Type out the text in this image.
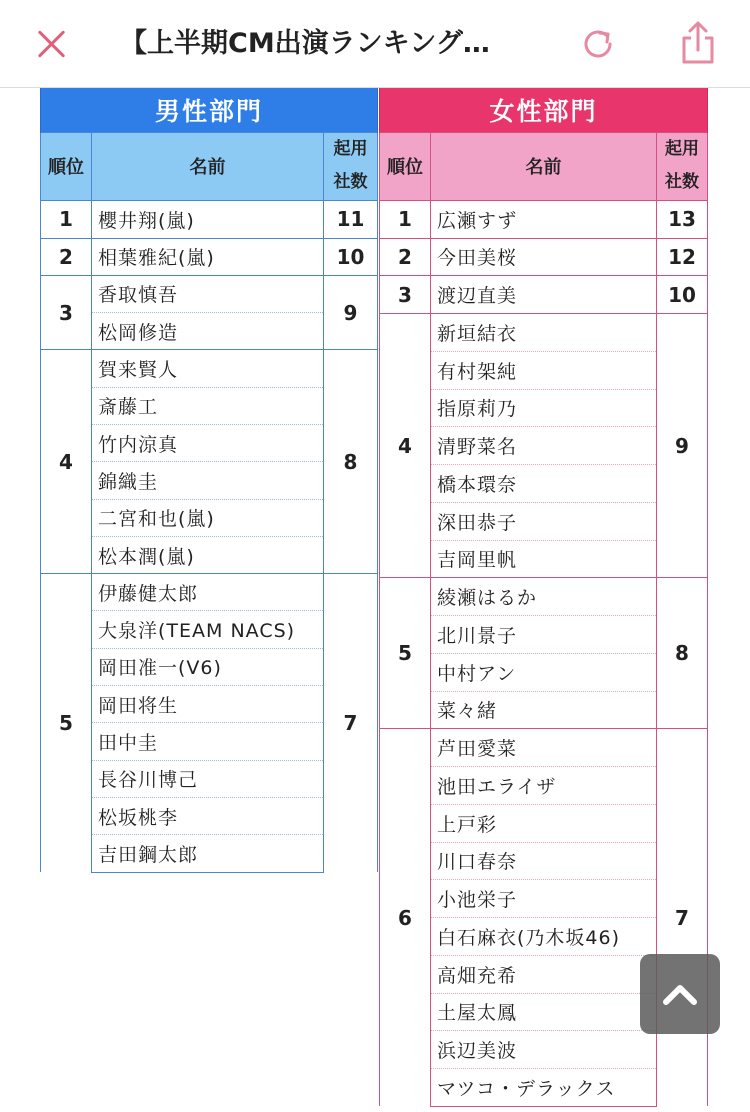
【上半期CM出演ランキング…
男性部門		
順位	名前	起用
社数
1	櫻井翔(嵐)	11
2	相葉雅紀(嵐)	10
3	香取慎吾	9
	松岡修造	
4	賀来賢人	8
	斎藤工	
	竹内涼真	
	錦織圭	
	二宮和也(嵐)	
	松本潤(嵐)	
5	伊藤健太郎	7
	大泉洋(TEAM NACS)	
	岡田准一(V6)	
	岡田将生	
	田中圭	
	長谷川博己	
	松坂桃李	
	吉田鋼太郎	
女性部門		
順位	名前	起用
社数
1	広瀬すず	13
2	今田美桜	12
3	渡辺直美	10
4	新垣結衣	9
	有村架純	
	指原莉乃	
	清野菜名	
	橋本環奈	
	深田恭子	
	吉岡里帆	
5	綾瀬はるか	8
	北川景子	
	中村アン	
	菜々緒	
6	芦田愛菜	7
	池田エライザ	
	上戸彩	
	川口春奈	
	小池栄子	
	白石麻衣(乃木坂46)	
	高畑充希	
	土屋太鳳	
	浜辺美波	
	マツコ・デラックス	
